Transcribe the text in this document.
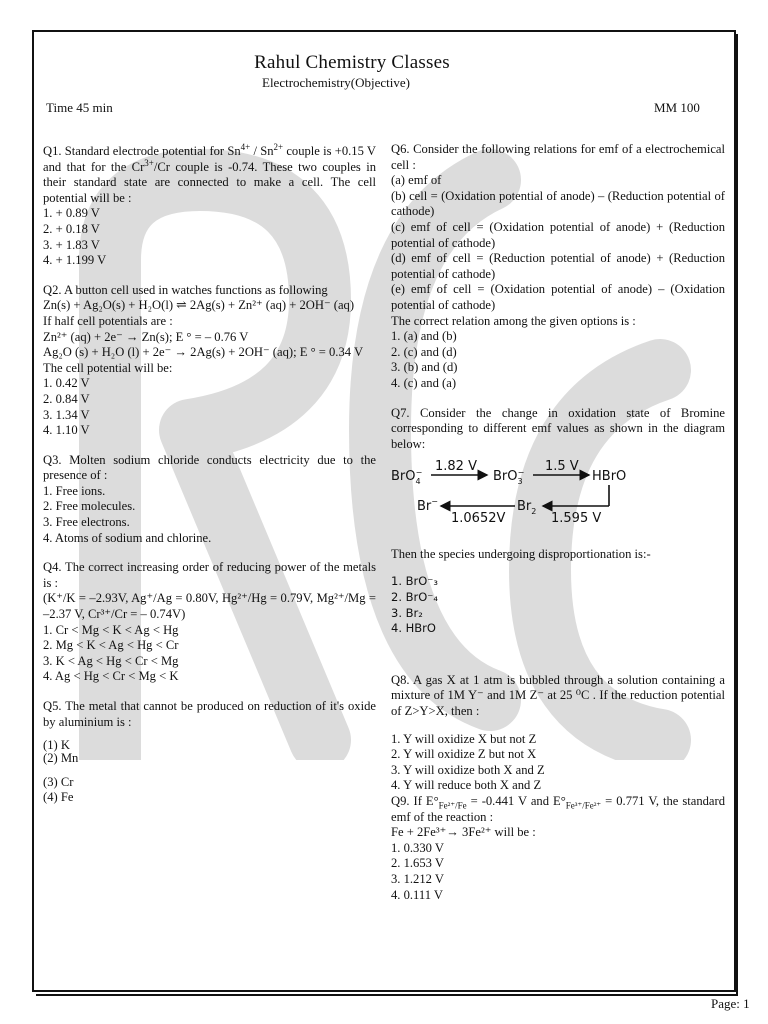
Rahul Chemistry Classes
Electrochemistry(Objective)
Time 45 min	MM 100

Q1. Standard electrode potential for $Sn^{4+} / Sn^{2+}$ couple is +0.15 V and that for the $Cr^{3+}/Cr$ couple is -0.74. These two couples in their standard state are connected to make a cell. The cell potential will be :

1. + 0.89 V
2. + 0.18 V
3. + 1.83 V
4. + 1.199 V

Q2. A button cell used in watches functions as following

Zn(s) + Ag₂O(s) + H₂O(l) ⇌ 2Ag(s) + Zn²⁺ (aq) + 2OH⁻ (aq)

If half cell potentials are :
Zn²⁺ (aq) + 2e⁻ → Zn(s); E ° = – 0.76 V

Ag₂O (s) + H₂O (l) + 2e⁻ → 2Ag(s) + 2OH⁻ (aq); E ° = 0.34 V

The cell potential will be:
1. 0.42 V
2. 0.84 V
3. 1.34 V
4. 1.10 V

Q3. Molten sodium chloride conducts electricity due to the presence of :

1. Free ions.
2. Free molecules.
3. Free electrons.
4. Atoms of sodium and chlorine.

Q4. The correct increasing order of reducing power of the metals is :

(K⁺/K = –2.93V, Ag⁺/Ag = 0.80V, Hg²⁺/Hg = 0.79V, Mg²⁺/Mg = –2.37 V, Cr³⁺/Cr = – 0.74V)

1. Cr < Mg < K < Ag < Hg
2. Mg < K < Ag < Hg < Cr
3. K < Ag < Hg < Cr < Mg
4. Ag < Hg < Cr < Mg < K

Q5. The metal that cannot be produced on reduction of it's oxide by aluminium is :

(1) K
(2) Mn
(3) Cr
(4) Fe

Q6. Consider the following relations for emf of a electrochemical cell :

(a) emf of

(b) cell = (Oxidation potential of anode) – (Reduction potential of cathode)

(c) emf of cell = (Oxidation potential of anode) + (Reduction potential of cathode)

(d) emf of cell = (Reduction potential of anode) + (Reduction potential of cathode)

(e) emf of cell = (Oxidation potential of anode) – (Oxidation potential of cathode)

The correct relation among the given options is :

1. (a) and (b)
2. (c) and (d)
3. (b) and (d)
4. (c) and (a)

Q7. Consider the change in oxidation state of Bromine corresponding to different emf values as shown in the diagram below:

BrO$_4$− 1.82 V
BrO$_3$− 1.5 V
HBrO
1.595 V
$Br_2$
1.0652V
Br−

Then the species undergoing disproportionation is:-

1. BrO⁻₃
2. BrO⁻₄
3. Br₂
4. HBrO

Q8. A gas X at 1 atm is bubbled through a solution containing a mixture of 1M Y⁻ and 1M Z⁻ at 25 ⁰C . If the reduction potential of Z>Y>X, then :

1. Y will oxidize X but not Z
2. Y will oxidize Z but not X
3. Y will oxidize both X and Z
4. Y will reduce both X and Z

Q9. If $E^\circ_{Fe^{2+}/Fe} = -0.441$ V and $E^\circ_{Fe^{3+}/Fe^{2+}} = 0.771$ V, the standard emf of the reaction :

Fe + 2Fe³⁺→ 3Fe²⁺ will be :
1. 0.330 V
2. 1.653 V
3. 1.212 V
4. 0.111 V
Page: 1
